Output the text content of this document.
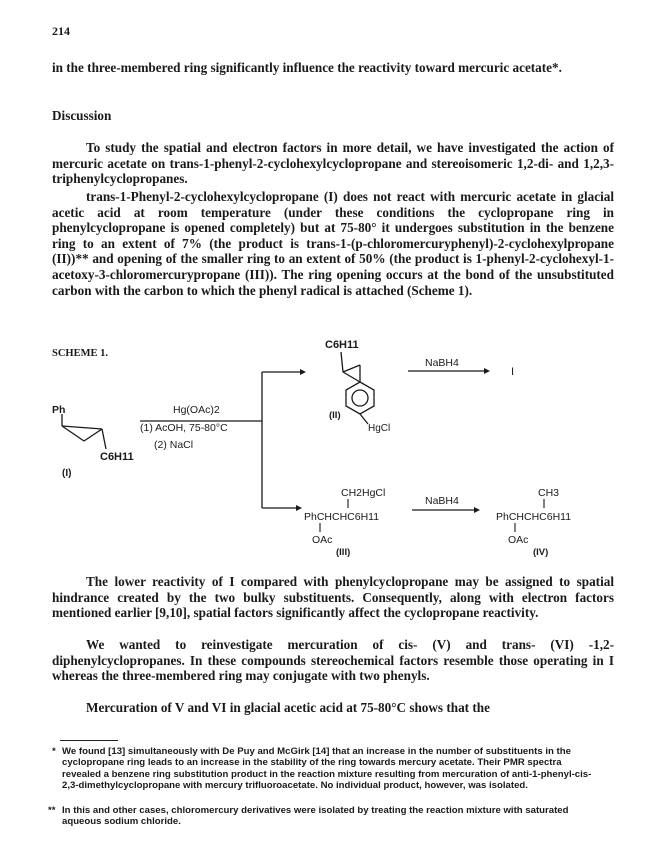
214

in the three-membered ring significantly influence the reactivity toward mercuric acetate*.

Discussion

To study the spatial and electron factors in more detail, we have investigated the action of mercuric acetate on trans-1-phenyl-2-cyclohexylcyclopropane and stereoisomeric 1,2-di- and 1,2,3-triphenylcyclopropanes.

trans-1-Phenyl-2-cyclohexylcyclopropane (I) does not react with mercuric acetate in glacial acetic acid at room temperature (under these conditions the cyclopropane ring in phenylcyclopropane is opened completely) but at 75-80° it undergoes substitution in the benzene ring to an extent of 7% (the product is trans-1-(p-chloromercuryphenyl)-2-cyclohexylpropane (II))** and opening of the smaller ring to an extent of 50% (the product is 1-phenyl-2-cyclohexyl-1-acetoxy-3-chloromercurypropane (III)). The ring opening occurs at the bond of the unsubstituted carbon with the carbon to which the phenyl radical is attached (Scheme 1).

SCHEME 1.
Ph
C6H11
(I)
Hg(OAc)2
(1) AcOH, 75-80°C
(2) NaCl
C6H11
(II)
HgCl
NaBH4
I
CH2HgCl
PhCHCHC6H11
OAc
(III)
NaBH4
CH3
PhCHCHC6H11
OAc
(IV)

The lower reactivity of I compared with phenylcyclopropane may be assigned to spatial hindrance created by the two bulky substituents. Consequently, along with electron factors mentioned earlier [9,10], spatial factors significantly affect the cyclopropane reactivity.

We wanted to reinvestigate mercuration of cis- (V) and trans- (VI) -1,2-diphenylcyclopropanes. In these compounds stereochemical factors resemble those operating in I whereas the three-membered ring may conjugate with two phenyls.

Mercuration of V and VI in glacial acetic acid at 75-80°C shows that the

* We found [13] simultaneously with De Puy and McGirk [14] that an increase in the number of substituents in the cyclopropane ring leads to an increase in the stability of the ring towards mercury acetate. Their PMR spectra revealed a benzene ring substitution product in the reaction mixture resulting from mercuration of anti-1-phenyl-cis-2,3-dimethylcyclopropane with mercury trifluoroacetate. No individual product, however, was isolated.
** In this and other cases, chloromercury derivatives were isolated by treating the reaction mixture with saturated aqueous sodium chloride.
